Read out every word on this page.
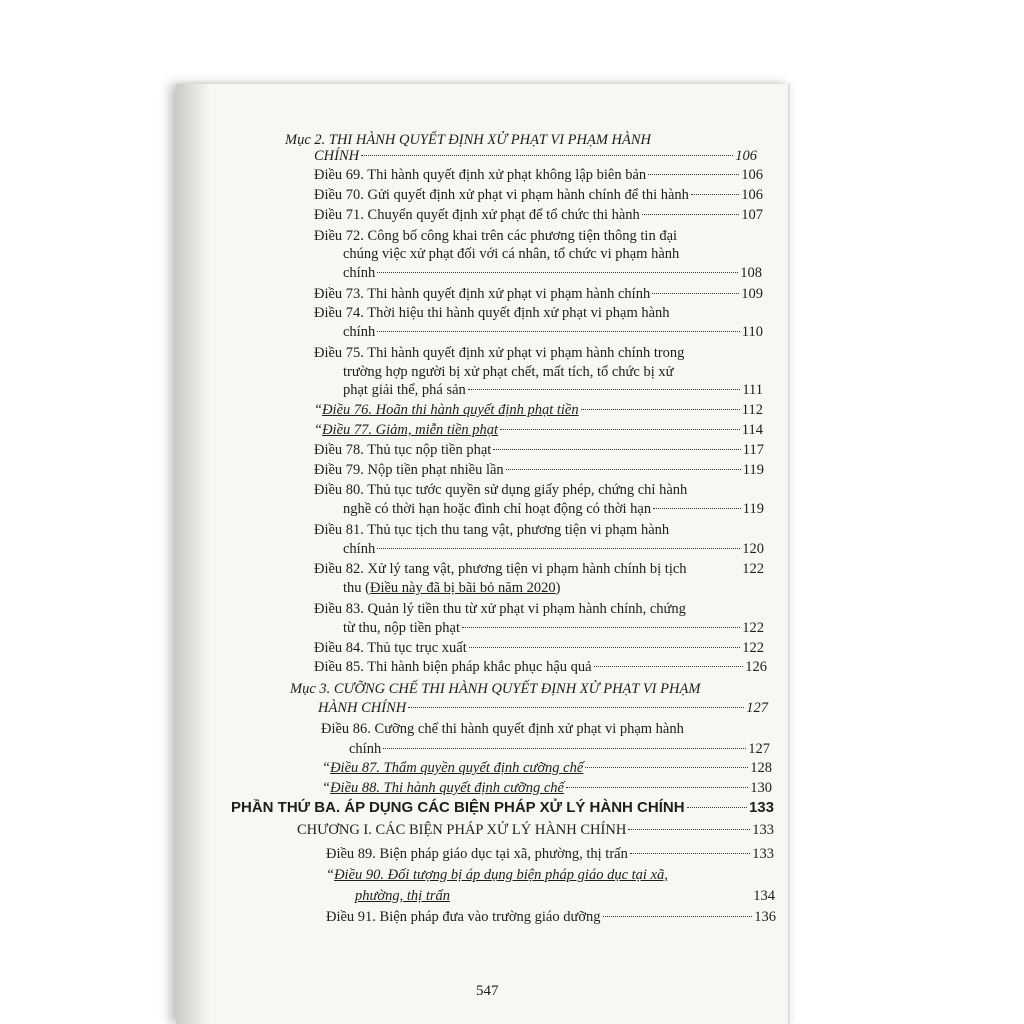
Mục 2. THI HÀNH QUYẾT ĐỊNH XỬ PHẠT VI PHẠM HÀNH
CHÍNH	106
Điều 69. Thi hành quyết định xử phạt không lập biên bản	106
Điều 70. Gửi quyết định xử phạt vi phạm hành chính để thi hành	106
Điều 71. Chuyển quyết định xử phạt để tổ chức thi hành	107
Điều 72. Công bố công khai trên các phương tiện thông tin đại
chúng việc xử phạt đối với cá nhân, tổ chức vi phạm hành
chính	108
Điều 73. Thi hành quyết định xử phạt vi phạm hành chính	109
Điều 74. Thời hiệu thi hành quyết định xử phạt vi phạm hành
chính	110
Điều 75. Thi hành quyết định xử phạt vi phạm hành chính trong
trường hợp người bị xử phạt chết, mất tích, tổ chức bị xử
phạt giải thể, phá sản	111
“Điều 76. Hoãn thi hành quyết định phạt tiền	112
“Điều 77. Giảm, miễn tiền phạt	114
Điều 78. Thủ tục nộp tiền phạt	117
Điều 79. Nộp tiền phạt nhiều lần	119
Điều 80. Thủ tục tước quyền sử dụng giấy phép, chứng chỉ hành
nghề có thời hạn hoặc đình chỉ hoạt động có thời hạn	119
Điều 81. Thủ tục tịch thu tang vật, phương tiện vi phạm hành
chính	120
Điều 82. Xử lý tang vật, phương tiện vi phạm hành chính bị tịch	122
thu (Điều này đã bị bãi bỏ năm 2020)
Điều 83. Quản lý tiền thu từ xử phạt vi phạm hành chính, chứng
từ thu, nộp tiền phạt	122
Điều 84. Thủ tục trục xuất	122
Điều 85. Thi hành biện pháp khắc phục hậu quả	126
Mục 3. CƯỠNG CHẾ THI HÀNH QUYẾT ĐỊNH XỬ PHẠT VI PHẠM
HÀNH CHÍNH	127
Điều 86. Cưỡng chế thi hành quyết định xử phạt vi phạm hành
chính	127
“Điều 87. Thẩm quyền quyết định cưỡng chế	128
“Điều 88. Thi hành quyết định cưỡng chế	130
PHẦN THỨ BA. ÁP DỤNG CÁC BIỆN PHÁP XỬ LÝ HÀNH CHÍNH	133
CHƯƠNG I. CÁC BIỆN PHÁP XỬ LÝ HÀNH CHÍNH	133
Điều 89. Biện pháp giáo dục tại xã, phường, thị trấn	133
“Điều 90. Đối tượng bị áp dụng biện pháp giáo dục tại xã,
phường, thị trấn	134
Điều 91. Biện pháp đưa vào trường giáo dưỡng	136
547
